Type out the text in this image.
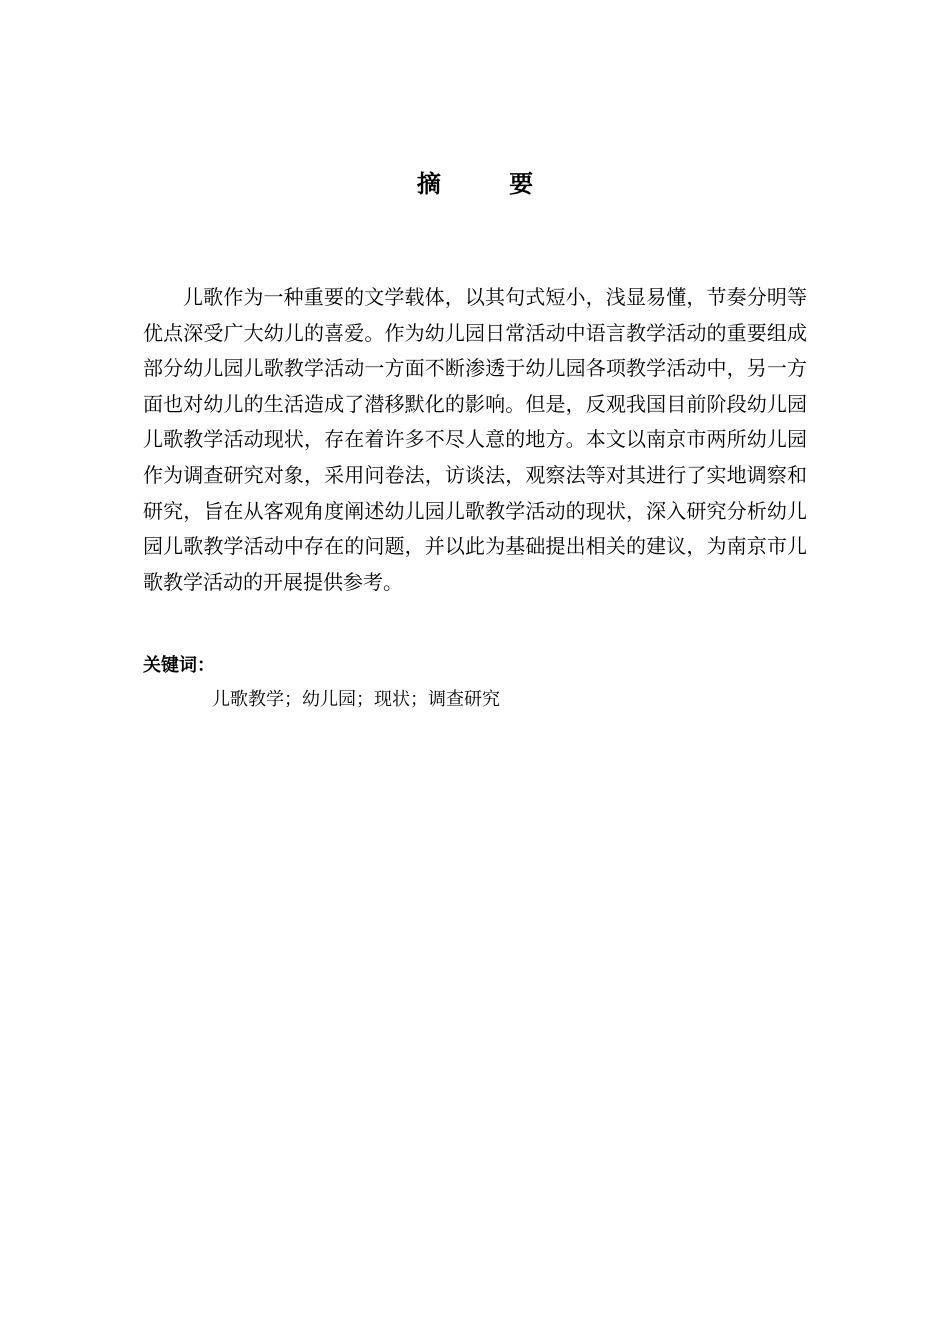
摘 要

儿歌作为一种重要的文学载体，以其句式短小，浅显易懂，节奏分明等优点深受广大幼儿的喜爱。作为幼儿园日常活动中语言教学活动的重要组成部分幼儿园儿歌教学活动一方面不断渗透于幼儿园各项教学活动中，另一方面也对幼儿的生活造成了潜移默化的影响。但是，反观我国目前阶段幼儿园儿歌教学活动现状，存在着许多不尽人意的地方。本文以南京市两所幼儿园作为调查研究对象，采用问卷法，访谈法，观察法等对其进行了实地调察和研究，旨在从客观角度阐述幼儿园儿歌教学活动的现状，深入研究分析幼儿园儿歌教学活动中存在的问题，并以此为基础提出相关的建议，为南京市儿歌教学活动的开展提供参考。

关键词：
儿歌教学；幼儿园；现状；调查研究
